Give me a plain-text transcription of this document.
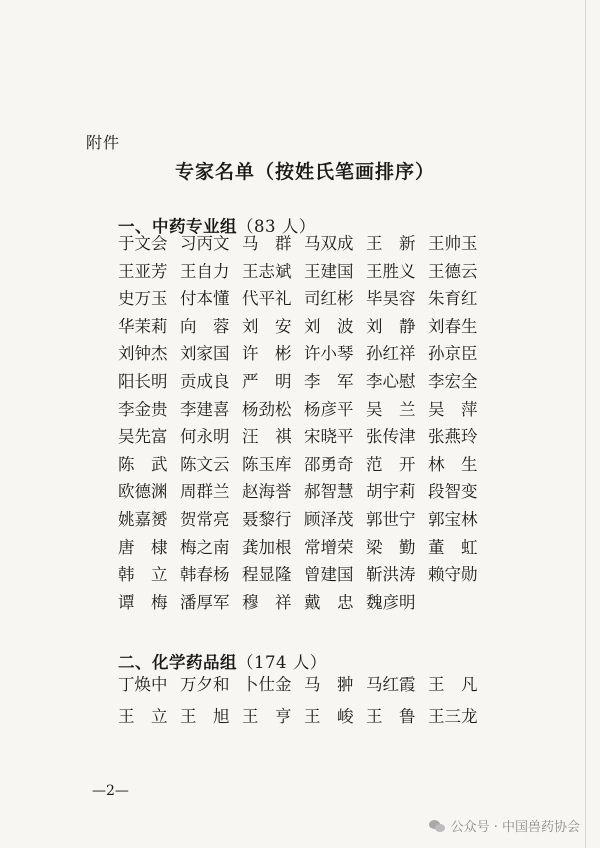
附件
专家名单（按姓氏笔画排序）
一、中药专业组（83 人）
于文会 习丙文 马　群 马双成 王　新 王帅玉
王亚芳 王自力 王志斌 王建国 王胜义 王德云
史万玉 付本懂 代平礼 司红彬 毕昊容 朱育红
华茉莉 向　蓉 刘　安 刘　波 刘　静 刘春生
刘钟杰 刘家国 许　彬 许小琴 孙红祥 孙京臣
阳长明 贡成良 严　明 李　军 李心慰 李宏全
李金贵 李建喜 杨劲松 杨彦平 吴　兰 吴　萍
吴先富 何永明 汪　祺 宋晓平 张传津 张燕玲
陈　武 陈文云 陈玉库 邵勇奇 范　开 林　生
欧德渊 周群兰 赵海誉 郝智慧 胡宇莉 段智变
姚嘉赟 贺常亮 聂黎行 顾泽茂 郭世宁 郭宝林
唐　棣 梅之南 龚加根 常增荣 梁　勤 董　虹
韩　立 韩春杨 程显隆 曾建国 靳洪涛 赖守勋
谭　梅 潘厚军 穆　祥 戴　忠 魏彦明
二、化学药品组（174 人）
丁焕中 万夕和 卜仕金 马　翀 马红霞 王　凡
王　立 王　旭 王　亨 王　峻 王　鲁 王三龙
—2—
公众号 · 中国兽药协会
